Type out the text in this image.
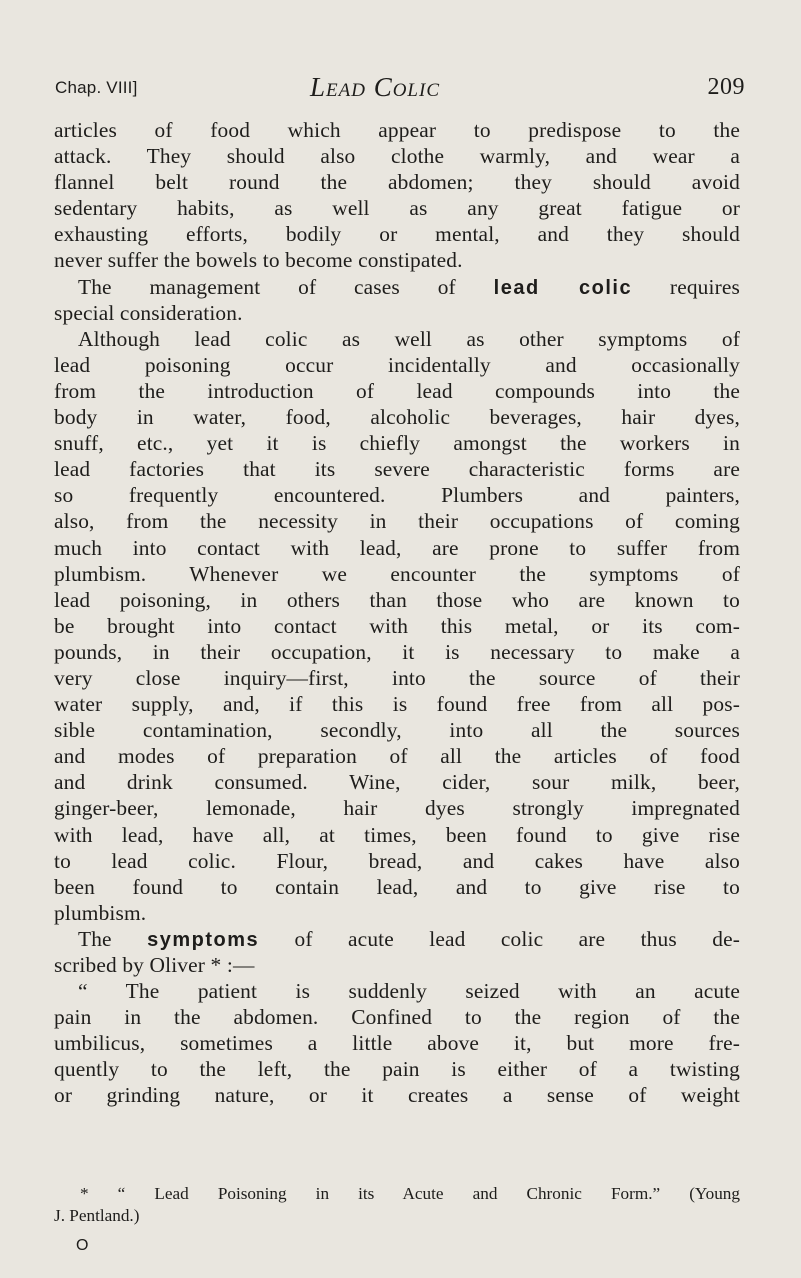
Chap. VIII]	Lead Colic	209
articles of food which appear to predispose to the
attack. They should also clothe warmly, and wear a
flannel belt round the abdomen; they should avoid
sedentary habits, as well as any great fatigue or
exhausting efforts, bodily or mental, and they should
never suffer the bowels to become constipated.
The management of cases of lead colic requires
special consideration.
Although lead colic as well as other symptoms of
lead poisoning occur incidentally and occasionally
from the introduction of lead compounds into the
body in water, food, alcoholic beverages, hair dyes,
snuff, etc., yet it is chiefly amongst the workers in
lead factories that its severe characteristic forms are
so frequently encountered. Plumbers and painters,
also, from the necessity in their occupations of coming
much into contact with lead, are prone to suffer from
plumbism. Whenever we encounter the symptoms of
lead poisoning, in others than those who are known to
be brought into contact with this metal, or its com-
pounds, in their occupation, it is necessary to make a
very close inquiry—first, into the source of their
water supply, and, if this is found free from all pos-
sible contamination, secondly, into all the sources
and modes of preparation of all the articles of food
and drink consumed. Wine, cider, sour milk, beer,
ginger-beer, lemonade, hair dyes strongly impregnated
with lead, have all, at times, been found to give rise
to lead colic. Flour, bread, and cakes have also
been found to contain lead, and to give rise to
plumbism.
The symptoms of acute lead colic are thus de-
scribed by Oliver * :—
“ The patient is suddenly seized with an acute
pain in the abdomen. Confined to the region of the
umbilicus, sometimes a little above it, but more fre-
quently to the left, the pain is either of a twisting
or grinding nature, or it creates a sense of weight
* “ Lead Poisoning in its Acute and Chronic Form.” (Young
J. Pentland.)
O
